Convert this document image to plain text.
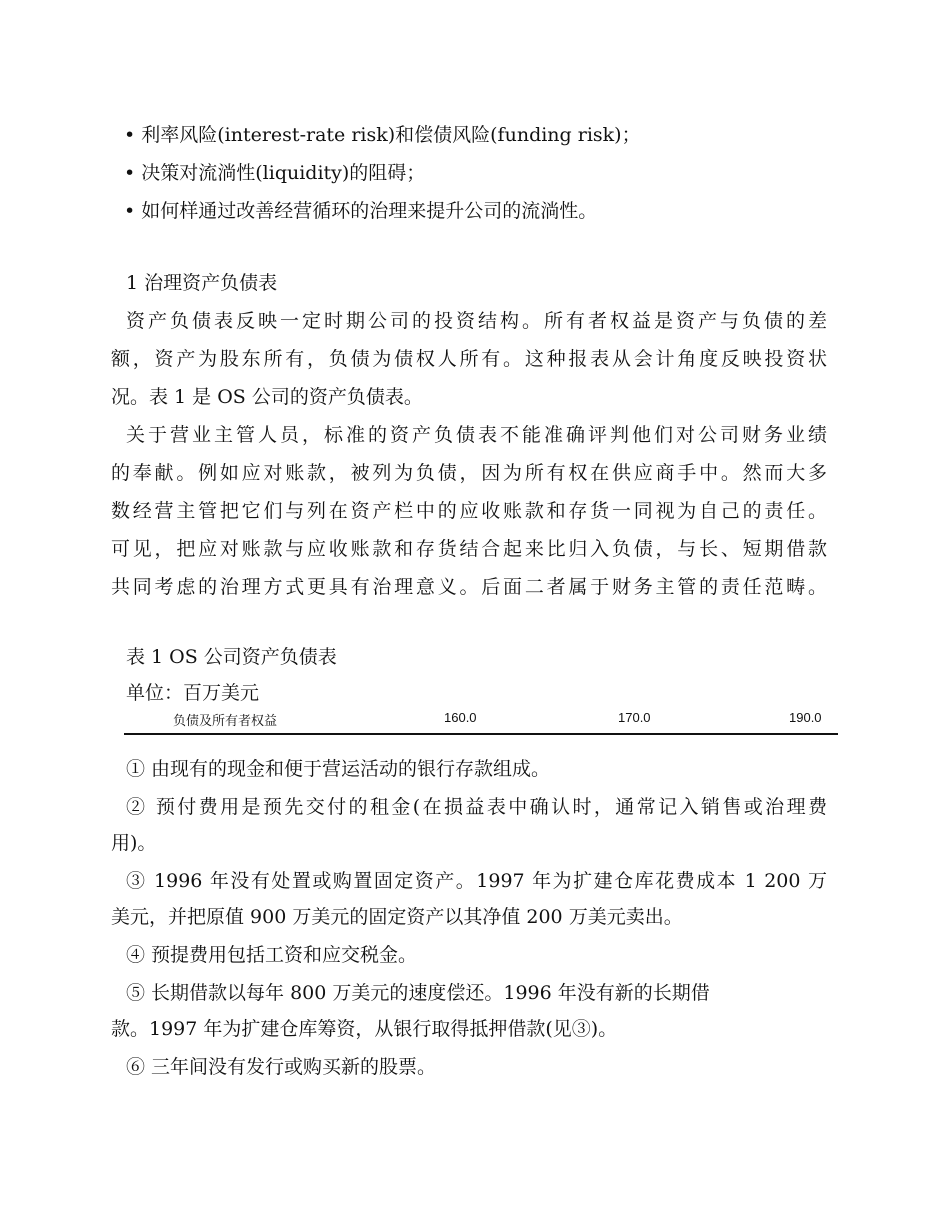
• 利率风险(interest-rate risk)和偿债风险(funding risk)；
• 决策对流淌性(liquidity)的阻碍；
• 如何样通过改善经营循环的治理来提升公司的流淌性。
1 治理资产负债表
资产负债表反映一定时期公司的投资结构。所有者权益是资产与负债的差
额，资产为股东所有，负债为债权人所有。这种报表从会计角度反映投资状
况。表 1 是 OS 公司的资产负债表。
关于营业主管人员，标准的资产负债表不能准确评判他们对公司财务业绩
的奉献。例如应对账款，被列为负债，因为所有权在供应商手中。然而大多
数经营主管把它们与列在资产栏中的应收账款和存货一同视为自己的责任。
可见，把应对账款与应收账款和存货结合起来比归入负债，与长、短期借款
共同考虑的治理方式更具有治理意义。后面二者属于财务主管的责任范畴。
表 1 OS 公司资产负债表
单位：百万美元
负债及所有者权益	160.0	170.0	190.0
① 由现有的现金和便于营运活动的银行存款组成。
② 预付费用是预先交付的租金(在损益表中确认时，通常记入销售或治理费
用)。
③ 1996 年没有处置或购置固定资产。1997 年为扩建仓库花费成本 1 200 万
美元，并把原值 900 万美元的固定资产以其净值 200 万美元卖出。
④ 预提费用包括工资和应交税金。
⑤ 长期借款以每年 800 万美元的速度偿还。1996 年没有新的长期借
款。1997 年为扩建仓库筹资，从银行取得抵押借款(见③)。
⑥ 三年间没有发行或购买新的股票。
